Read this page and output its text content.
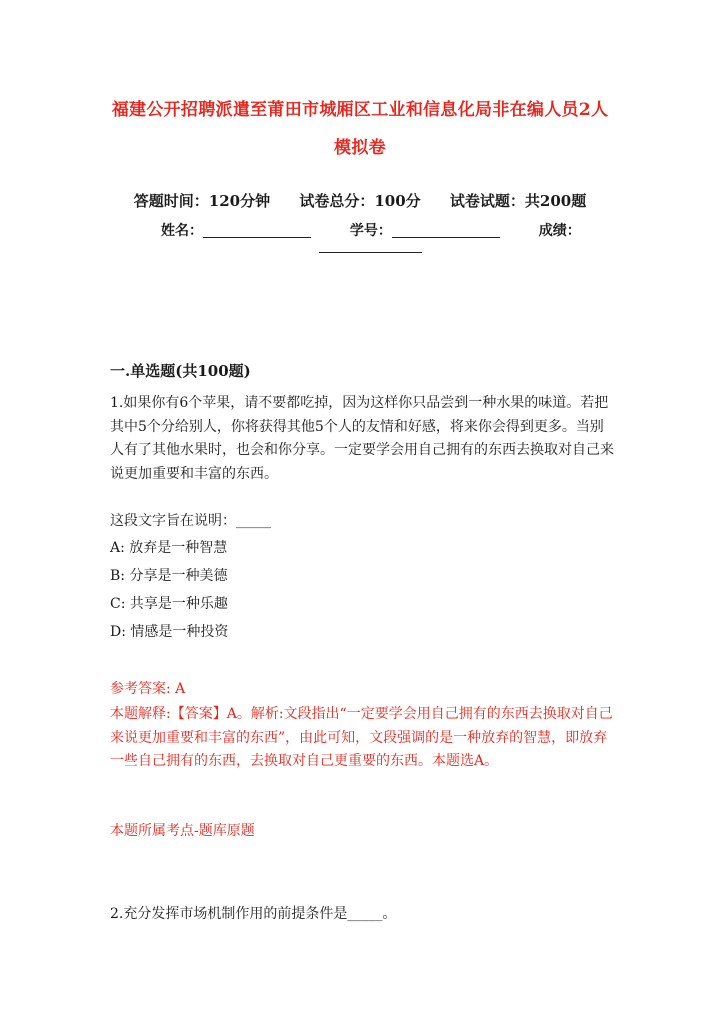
福建公开招聘派遣至莆田市城厢区工业和信息化局非在编人员2人
模拟卷
答题时间：120分钟 试卷总分：100分 试卷试题：共200题
姓名：	学号：	成绩：
一.单选题(共100题)
1.如果你有6个苹果，请不要都吃掉，因为这样你只品尝到一种水果的味道。若把其中5个分给别人，你将获得其他5个人的友情和好感，将来你会得到更多。当别人有了其他水果时，也会和你分享。一定要学会用自己拥有的东西去换取对自己来说更加重要和丰富的东西。
这段文字旨在说明：_____
A: 放弃是一种智慧
B: 分享是一种美德
C: 共享是一种乐趣
D: 情感是一种投资
参考答案: A
本题解释:【答案】A。解析:文段指出“一定要学会用自己拥有的东西去换取对自己来说更加重要和丰富的东西”，由此可知，文段强调的是一种放弃的智慧，即放弃一些自己拥有的东西，去换取对自己更重要的东西。本题选A。
本题所属考点-题库原题
2.充分发挥市场机制作用的前提条件是_____。
